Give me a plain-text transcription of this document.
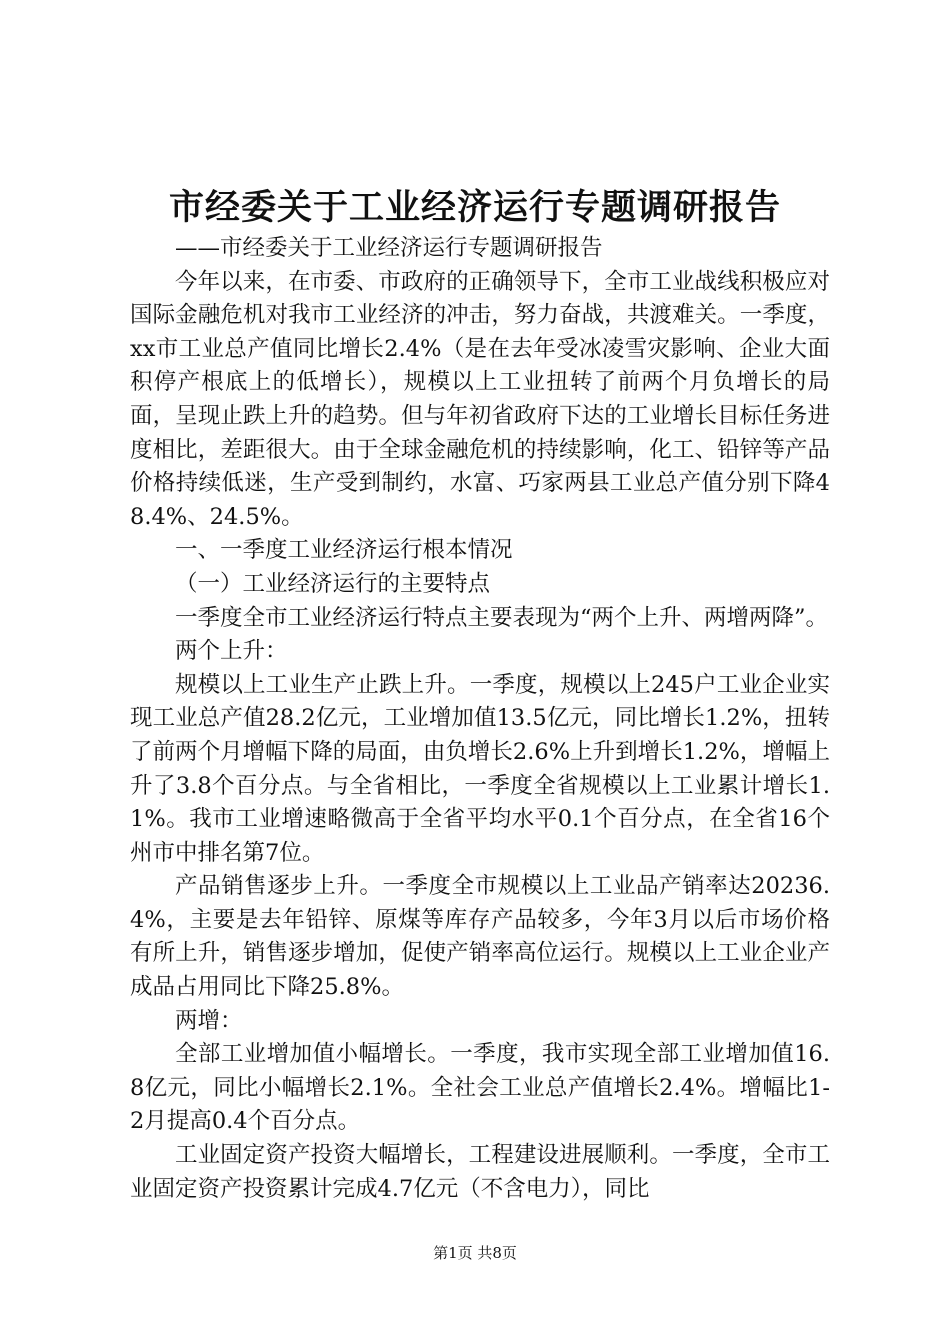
市经委关于工业经济运行专题调研报告

——市经委关于工业经济运行专题调研报告

今年以来，在市委、市政府的正确领导下，全市工业战线积极应对国际金融危机对我市工业经济的冲击，努力奋战，共渡难关。一季度，xx市工业总产值同比增长2.4%（是在去年受冰凌雪灾影响、企业大面积停产根底上的低增长），规模以上工业扭转了前两个月负增长的局面，呈现止跌上升的趋势。但与年初省政府下达的工业增长目标任务进度相比，差距很大。由于全球金融危机的持续影响，化工、铅锌等产品价格持续低迷，生产受到制约，水富、巧家两县工业总产值分别下降48.4%、24.5%。

一、一季度工业经济运行根本情况

（一）工业经济运行的主要特点

一季度全市工业经济运行特点主要表现为“两个上升、两增两降”。

两个上升：

规模以上工业生产止跌上升。一季度，规模以上245户工业企业实现工业总产值28.2亿元，工业增加值13.5亿元，同比增长1.2%，扭转了前两个月增幅下降的局面，由负增长2.6%上升到增长1.2%，增幅上升了3.8个百分点。与全省相比，一季度全省规模以上工业累计增长1.1%。我市工业增速略微高于全省平均水平0.1个百分点，在全省16个州市中排名第7位。

产品销售逐步上升。一季度全市规模以上工业品产销率达20236.4%，主要是去年铅锌、原煤等库存产品较多，今年3月以后市场价格有所上升，销售逐步增加，促使产销率高位运行。规模以上工业企业产成品占用同比下降25.8%。

两增：

全部工业增加值小幅增长。一季度，我市实现全部工业增加值16.8亿元，同比小幅增长2.1%。全社会工业总产值增长2.4%。增幅比1-2月提高0.4个百分点。

工业固定资产投资大幅增长，工程建设进展顺利。一季度，全市工业固定资产投资累计完成4.7亿元（不含电力），同比

第1页 共8页
